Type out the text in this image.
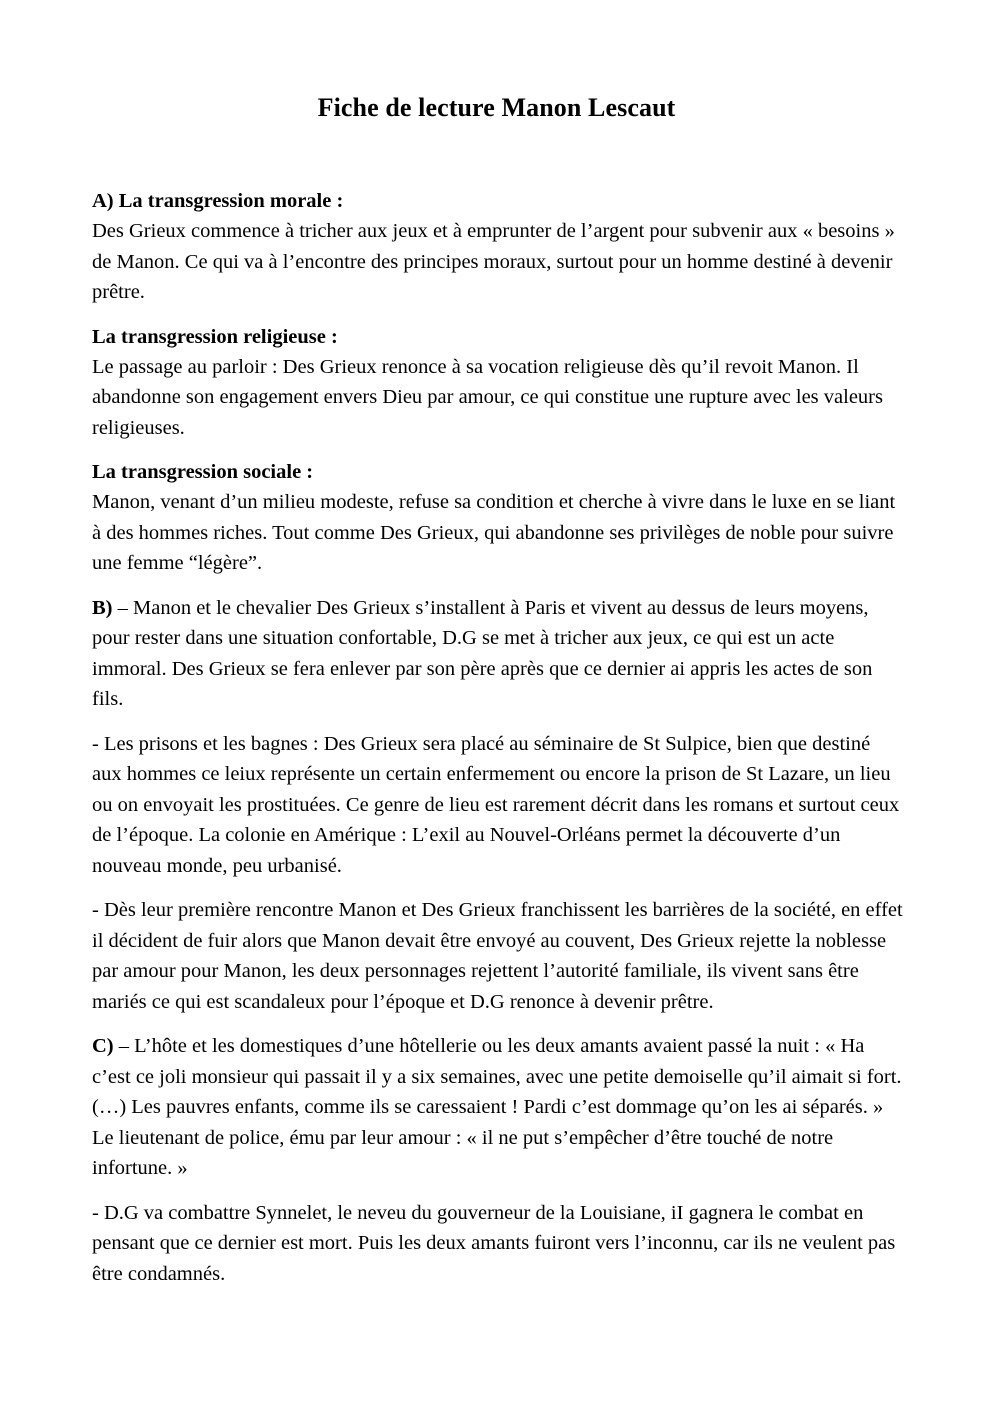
Fiche de lecture Manon Lescaut

A) La transgression morale :

Des Grieux commence à tricher aux jeux et à emprunter de l’argent pour subvenir aux « besoins » de Manon. Ce qui va à l’encontre des principes moraux, surtout pour un homme destiné à devenir prêtre.

La transgression religieuse :

Le passage au parloir : Des Grieux renonce à sa vocation religieuse dès qu’il revoit Manon. Il abandonne son engagement envers Dieu par amour, ce qui constitue une rupture avec les valeurs religieuses.

La transgression sociale :

Manon, venant d’un milieu modeste, refuse sa condition et cherche à vivre dans le luxe en se liant à des hommes riches. Tout comme Des Grieux, qui abandonne ses privilèges de noble pour suivre une femme “légère”.

B) – Manon et le chevalier Des Grieux s’installent à Paris et vivent au dessus de leurs moyens, pour rester dans une situation confortable, D.G se met à tricher aux jeux, ce qui est un acte immoral. Des Grieux se fera enlever par son père après que ce dernier ai appris les actes de son fils.

- Les prisons et les bagnes : Des Grieux sera placé au séminaire de St Sulpice, bien que destiné aux hommes ce leiux représente un certain enfermement ou encore la prison de St Lazare, un lieu ou on envoyait les prostituées. Ce genre de lieu est rarement décrit dans les romans et surtout ceux de l’époque. La colonie en Amérique : L’exil au Nouvel-Orléans permet la découverte d’un nouveau monde, peu urbanisé.

- Dès leur première rencontre Manon et Des Grieux franchissent les barrières de la société, en effet il décident de fuir alors que Manon devait être envoyé au couvent, Des Grieux rejette la noblesse par amour pour Manon, les deux personnages rejettent l’autorité familiale, ils vivent sans être mariés ce qui est scandaleux pour l’époque et D.G renonce à devenir prêtre.

C) – L’hôte et les domestiques d’une hôtellerie ou les deux amants avaient passé la nuit : « Ha c’est ce joli monsieur qui passait il y a six semaines, avec une petite demoiselle qu’il aimait si fort. (…) Les pauvres enfants, comme ils se caressaient ! Pardi c’est dommage qu’on les ai séparés. » Le lieutenant de police, ému par leur amour : « il ne put s’empêcher d’être touché de notre infortune. »

- D.G va combattre Synnelet, le neveu du gouverneur de la Louisiane, iI gagnera le combat en pensant que ce dernier est mort. Puis les deux amants fuiront vers l’inconnu, car ils ne veulent pas être condamnés.
